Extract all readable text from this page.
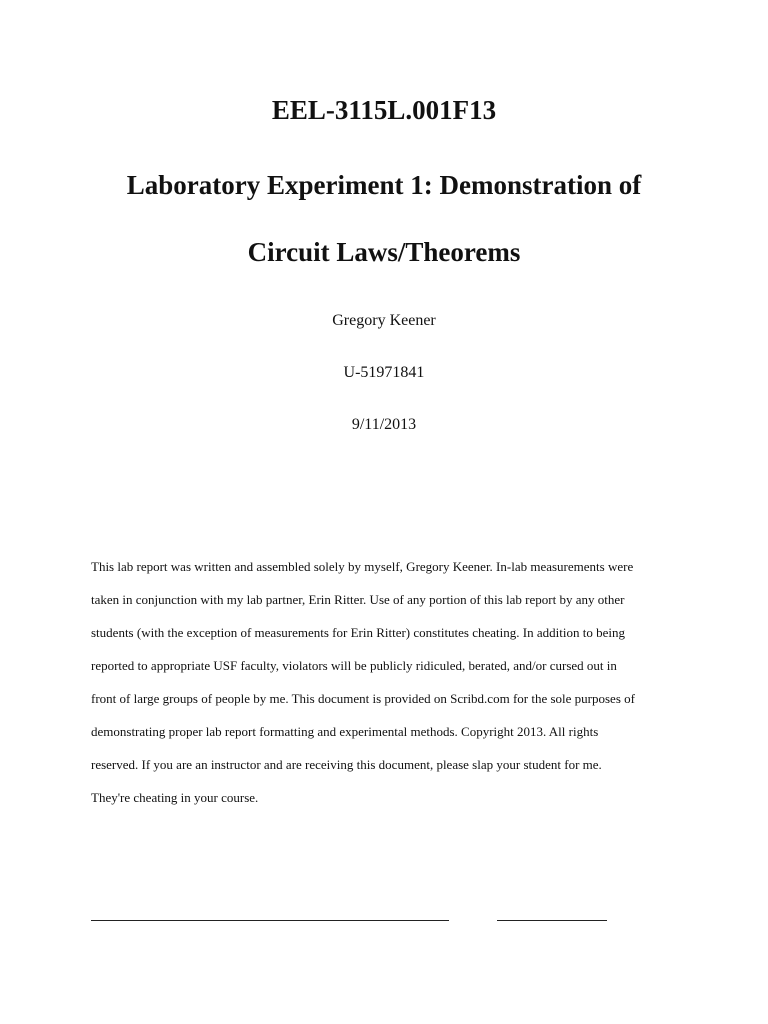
EEL-3115L.001F13
Laboratory Experiment 1: Demonstration of
Circuit Laws/Theorems

Gregory Keener

U-51971841

9/11/2013

This lab report was written and assembled solely by myself, Gregory Keener. In-lab measurements were
taken in conjunction with my lab partner, Erin Ritter. Use of any portion of this lab report by any other
students (with the exception of measurements for Erin Ritter) constitutes cheating. In addition to being
reported to appropriate USF faculty, violators will be publicly ridiculed, berated, and/or cursed out in
front of large groups of people by me. This document is provided on Scribd.com for the sole purposes of
demonstrating proper lab report formatting and experimental methods. Copyright 2013. All rights
reserved. If you are an instructor and are receiving this document, please slap your student for me.
They're cheating in your course.
